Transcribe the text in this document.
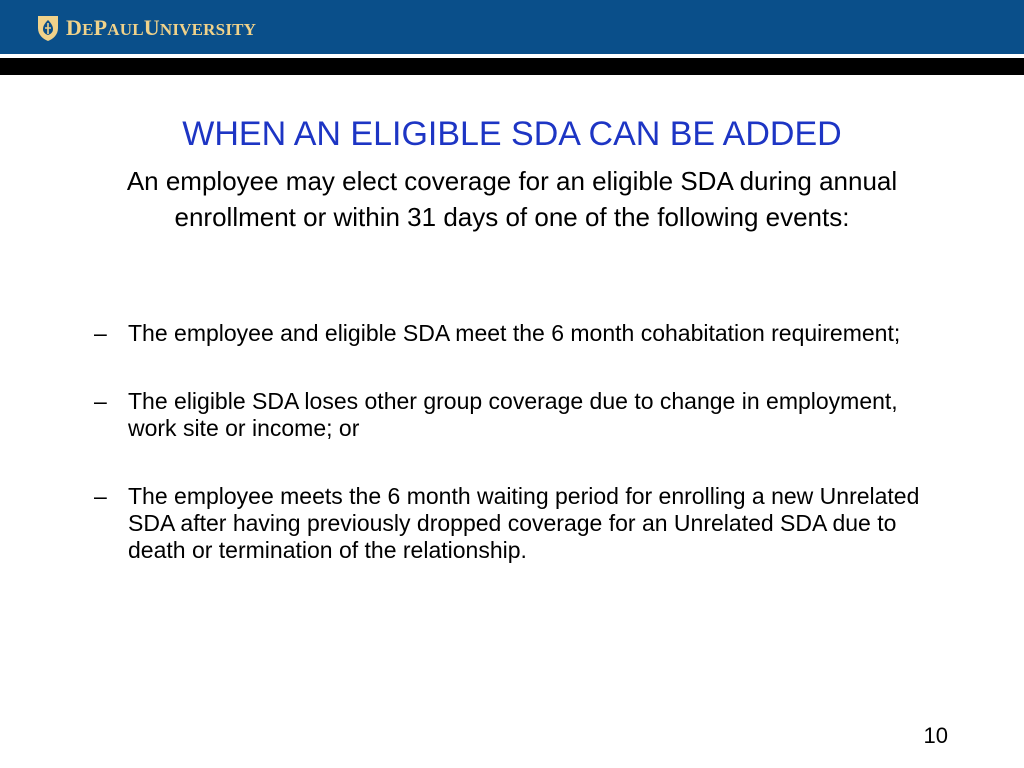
DEPAULUNIVERSITY
WHEN AN ELIGIBLE SDA CAN BE ADDED
An employee may elect coverage for an eligible SDA during annual enrollment or within 31 days of one of the following events:
– The employee and eligible SDA meet the 6 month cohabitation requirement;
– The eligible SDA loses other group coverage due to change in employment, work site or income; or
– The employee meets the 6 month waiting period for enrolling a new Unrelated SDA after having previously dropped coverage for an Unrelated SDA due to death or termination of the relationship.
10
